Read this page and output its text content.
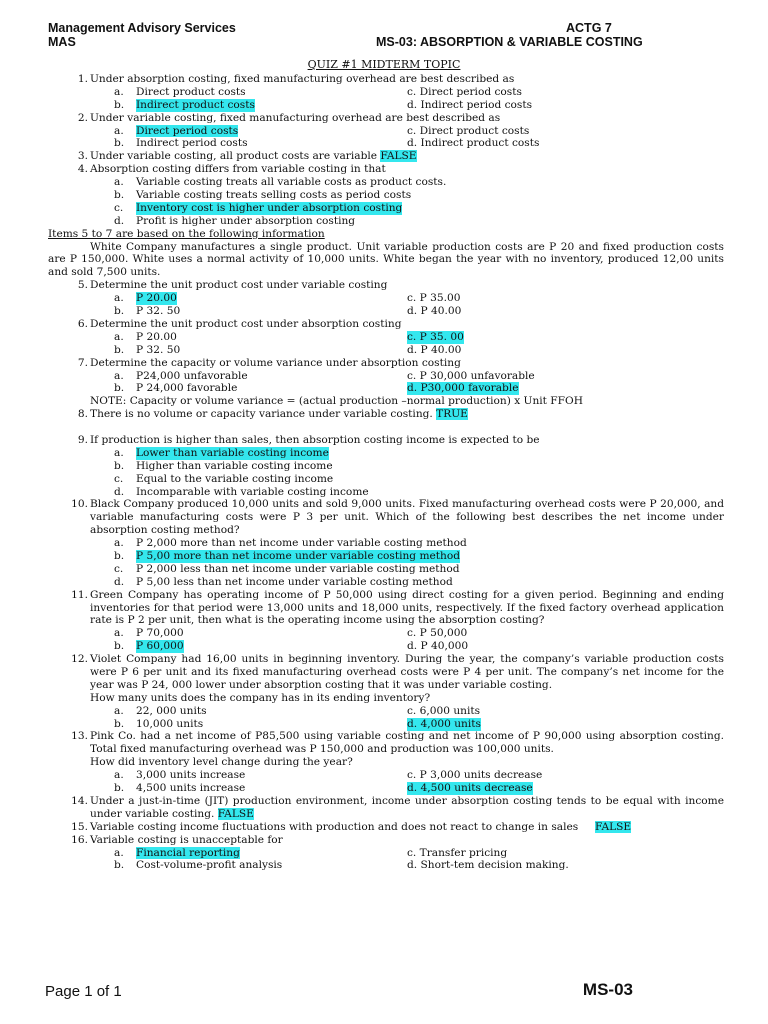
Management Advisory Services
MAS
ACTG 7
MS-03: ABSORPTION & VARIABLE COSTING
QUIZ #1 MIDTERM TOPIC
1. Under absorption costing, fixed manufacturing overhead are best described as
a. Direct product costs	c. Direct period costs
b. Indirect product costs	d. Indirect period costs
2. Under variable costing, fixed manufacturing overhead are best described as
a. Direct period costs	c. Direct product costs
b. Indirect period costs	d. Indirect product costs
3. Under variable costing, all product costs are variable FALSE
4. Absorption costing differs from variable costing in that
a. Variable costing treats all variable costs as product costs.
b. Variable costing treats selling costs as period costs
c. Inventory cost is higher under absorption costing
d. Profit is higher under absorption costing
Items 5 to 7 are based on the following information
White Company manufactures a single product. Unit variable production costs are P 20 and fixed production costs are P 150,000. White uses a normal activity of 10,000 units. White began the year with no inventory, produced 12,00 units and sold 7,500 units.
5. Determine the unit product cost under variable costing
a. P 20.00	c. P 35.00
b. P 32. 50	d. P 40.00
6. Determine the unit product cost under absorption costing
a. P 20.00	c. P 35. 00
b. P 32. 50	d. P 40.00
7. Determine the capacity or volume variance under absorption costing
a. P24,000 unfavorable	c. P 30,000 unfavorable
b. P 24,000 favorable	d. P30,000 favorable
NOTE: Capacity or volume variance = (actual production –normal production) x Unit FFOH
8. There is no volume or capacity variance under variable costing. TRUE
9. If production is higher than sales, then absorption costing income is expected to be
a. Lower than variable costing income
b. Higher than variable costing income
c. Equal to the variable costing income
d. Incomparable with variable costing income
10. Black Company produced 10,000 units and sold 9,000 units. Fixed manufacturing overhead costs were P 20,000, and variable manufacturing costs were P 3 per unit. Which of the following best describes the net income under absorption costing method?
a. P 2,000 more than net income under variable costing method
b. P 5,00 more than net income under variable costing method
c. P 2,000 less than net income under variable costing method
d. P 5,00 less than net income under variable costing method
11. Green Company has operating income of P 50,000 using direct costing for a given period. Beginning and ending inventories for that period were 13,000 units and 18,000 units, respectively. If the fixed factory overhead application rate is P 2 per unit, then what is the operating income using the absorption costing?
a. P 70,000	c. P 50,000
b. P 60,000	d. P 40,000
12. Violet Company had 16,00 units in beginning inventory. During the year, the company’s variable production costs were P 6 per unit and its fixed manufacturing overhead costs were P 4 per unit. The company’s net income for the year was P 24, 000 lower under absorption costing that it was under variable costing.
How many units does the company has in its ending inventory?
a. 22, 000 units	c. 6,000 units
b. 10,000 units	d. 4,000 units
13. Pink Co. had a net income of P85,500 using variable costing and net income of P 90,000 using absorption costing. Total fixed manufacturing overhead was P 150,000 and production was 100,000 units.
How did inventory level change during the year?
a. 3,000 units increase	c. P 3,000 units decrease
b. 4,500 units increase	d. 4,500 units decrease
14. Under a just-in-time (JIT) production environment, income under absorption costing tends to be equal with income under variable costing. FALSE
15. Variable costing income fluctuations with production and does not react to change in sales     FALSE
16. Variable costing is unacceptable for
a. Financial reporting	c. Transfer pricing
b. Cost-volume-profit analysis	d. Short-tem decision making.
Page 1 of 1	MS-03
